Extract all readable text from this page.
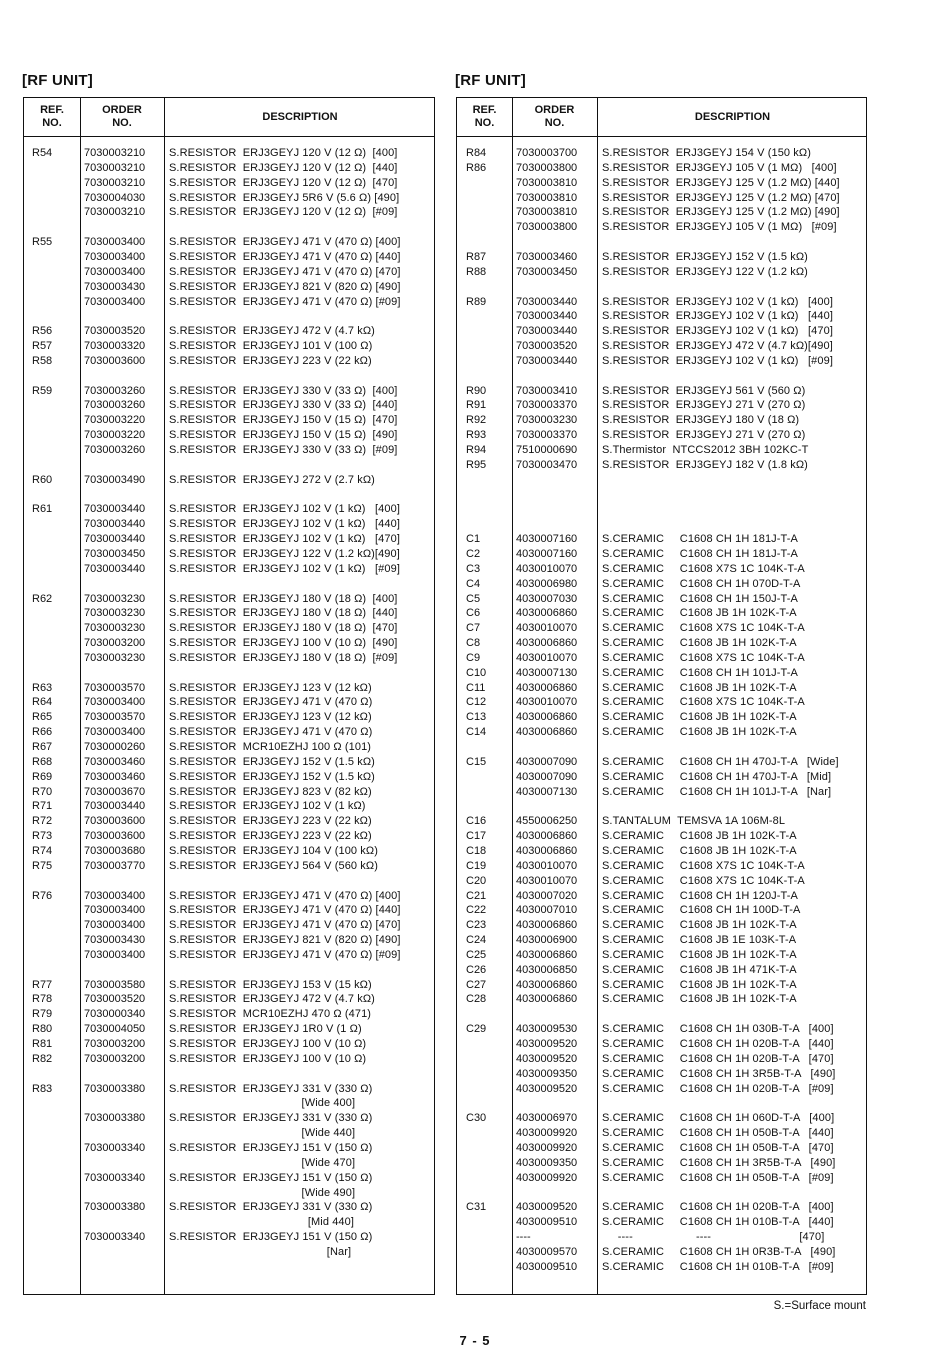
[RF UNIT]	[RF UNIT]
REF.
NO.
ORDER
NO.
DESCRIPTION
R54	7030003210 S.RESISTOR  ERJ3GEYJ 120 V (12 Ω)  [400]
7030003210 S.RESISTOR  ERJ3GEYJ 120 V (12 Ω)  [440]
7030003210 S.RESISTOR  ERJ3GEYJ 120 V (12 Ω)  [470]
7030004030 S.RESISTOR  ERJ3GEYJ 5R6 V (5.6 Ω) [490]
7030003210 S.RESISTOR  ERJ3GEYJ 120 V (12 Ω)  [#09]
R55	7030003400 S.RESISTOR  ERJ3GEYJ 471 V (470 Ω) [400]
7030003400 S.RESISTOR  ERJ3GEYJ 471 V (470 Ω) [440]
7030003400 S.RESISTOR  ERJ3GEYJ 471 V (470 Ω) [470]
7030003430 S.RESISTOR  ERJ3GEYJ 821 V (820 Ω) [490]
7030003400 S.RESISTOR  ERJ3GEYJ 471 V (470 Ω) [#09]
R56	7030003520 S.RESISTOR  ERJ3GEYJ 472 V (4.7 kΩ)
R57	7030003320 S.RESISTOR  ERJ3GEYJ 101 V (100 Ω)
R58	7030003600 S.RESISTOR  ERJ3GEYJ 223 V (22 kΩ)
R59	7030003260 S.RESISTOR  ERJ3GEYJ 330 V (33 Ω)  [400]
7030003260 S.RESISTOR  ERJ3GEYJ 330 V (33 Ω)  [440]
7030003220 S.RESISTOR  ERJ3GEYJ 150 V (15 Ω)  [470]
7030003220 S.RESISTOR  ERJ3GEYJ 150 V (15 Ω)  [490]
7030003260 S.RESISTOR  ERJ3GEYJ 330 V (33 Ω)  [#09]
R60	7030003490 S.RESISTOR  ERJ3GEYJ 272 V (2.7 kΩ)
R61	7030003440 S.RESISTOR  ERJ3GEYJ 102 V (1 kΩ)   [400]
7030003440 S.RESISTOR  ERJ3GEYJ 102 V (1 kΩ)   [440]
7030003440 S.RESISTOR  ERJ3GEYJ 102 V (1 kΩ)   [470]
7030003450 S.RESISTOR  ERJ3GEYJ 122 V (1.2 kΩ)[490]
7030003440 S.RESISTOR  ERJ3GEYJ 102 V (1 kΩ)   [#09]
R62	7030003230 S.RESISTOR  ERJ3GEYJ 180 V (18 Ω)  [400]
7030003230 S.RESISTOR  ERJ3GEYJ 180 V (18 Ω)  [440]
7030003230 S.RESISTOR  ERJ3GEYJ 180 V (18 Ω)  [470]
7030003200 S.RESISTOR  ERJ3GEYJ 100 V (10 Ω)  [490]
7030003230 S.RESISTOR  ERJ3GEYJ 180 V (18 Ω)  [#09]
R63	7030003570 S.RESISTOR  ERJ3GEYJ 123 V (12 kΩ)
R64	7030003400 S.RESISTOR  ERJ3GEYJ 471 V (470 Ω)
R65	7030003570 S.RESISTOR  ERJ3GEYJ 123 V (12 kΩ)
R66	7030003400 S.RESISTOR  ERJ3GEYJ 471 V (470 Ω)
R67	7030000260 S.RESISTOR  MCR10EZHJ 100 Ω (101)
R68	7030003460 S.RESISTOR  ERJ3GEYJ 152 V (1.5 kΩ)
R69	7030003460 S.RESISTOR  ERJ3GEYJ 152 V (1.5 kΩ)
R70	7030003670 S.RESISTOR  ERJ3GEYJ 823 V (82 kΩ)
R71	7030003440 S.RESISTOR  ERJ3GEYJ 102 V (1 kΩ)
R72	7030003600 S.RESISTOR  ERJ3GEYJ 223 V (22 kΩ)
R73	7030003600 S.RESISTOR  ERJ3GEYJ 223 V (22 kΩ)
R74	7030003680 S.RESISTOR  ERJ3GEYJ 104 V (100 kΩ)
R75	7030003770 S.RESISTOR  ERJ3GEYJ 564 V (560 kΩ)
R76	7030003400 S.RESISTOR  ERJ3GEYJ 471 V (470 Ω) [400]
7030003400 S.RESISTOR  ERJ3GEYJ 471 V (470 Ω) [440]
7030003400 S.RESISTOR  ERJ3GEYJ 471 V (470 Ω) [470]
7030003430 S.RESISTOR  ERJ3GEYJ 821 V (820 Ω) [490]
7030003400 S.RESISTOR  ERJ3GEYJ 471 V (470 Ω) [#09]
R77	7030003580 S.RESISTOR  ERJ3GEYJ 153 V (15 kΩ)
R78	7030003520 S.RESISTOR  ERJ3GEYJ 472 V (4.7 kΩ)
R79	7030000340 S.RESISTOR  MCR10EZHJ 470 Ω (471)
R80	7030004050 S.RESISTOR  ERJ3GEYJ 1R0 V (1 Ω)
R81	7030003200 S.RESISTOR  ERJ3GEYJ 100 V (10 Ω)
R82	7030003200 S.RESISTOR  ERJ3GEYJ 100 V (10 Ω)
R83	7030003380 S.RESISTOR  ERJ3GEYJ 331 V (330 Ω)
[Wide 400]
7030003380 S.RESISTOR  ERJ3GEYJ 331 V (330 Ω)
[Wide 440]
7030003340 S.RESISTOR  ERJ3GEYJ 151 V (150 Ω)
[Wide 470]
7030003340 S.RESISTOR  ERJ3GEYJ 151 V (150 Ω)
[Wide 490]
7030003380 S.RESISTOR  ERJ3GEYJ 331 V (330 Ω)
[Mid 440]
7030003340 S.RESISTOR  ERJ3GEYJ 151 V (150 Ω)
[Nar]
REF.
NO.
ORDER
NO.
DESCRIPTION
R84	7030003700 S.RESISTOR  ERJ3GEYJ 154 V (150 kΩ)
R86	7030003800 S.RESISTOR  ERJ3GEYJ 105 V (1 MΩ)   [400]
7030003810 S.RESISTOR  ERJ3GEYJ 125 V (1.2 MΩ) [440]
7030003810 S.RESISTOR  ERJ3GEYJ 125 V (1.2 MΩ) [470]
7030003810 S.RESISTOR  ERJ3GEYJ 125 V (1.2 MΩ) [490]
7030003800 S.RESISTOR  ERJ3GEYJ 105 V (1 MΩ)   [#09]
R87	7030003460 S.RESISTOR  ERJ3GEYJ 152 V (1.5 kΩ)
R88	7030003450 S.RESISTOR  ERJ3GEYJ 122 V (1.2 kΩ)
R89	7030003440 S.RESISTOR  ERJ3GEYJ 102 V (1 kΩ)   [400]
7030003440 S.RESISTOR  ERJ3GEYJ 102 V (1 kΩ)   [440]
7030003440 S.RESISTOR  ERJ3GEYJ 102 V (1 kΩ)   [470]
7030003520 S.RESISTOR  ERJ3GEYJ 472 V (4.7 kΩ)[490]
7030003440 S.RESISTOR  ERJ3GEYJ 102 V (1 kΩ)   [#09]
R90	7030003410 S.RESISTOR  ERJ3GEYJ 561 V (560 Ω)
R91	7030003370 S.RESISTOR  ERJ3GEYJ 271 V (270 Ω)
R92	7030003230 S.RESISTOR  ERJ3GEYJ 180 V (18 Ω)
R93	7030003370 S.RESISTOR  ERJ3GEYJ 271 V (270 Ω)
R94	7510000690 S.Thermistor  NTCCS2012 3BH 102KC-T
R95	7030003470 S.RESISTOR  ERJ3GEYJ 182 V (1.8 kΩ)
C1	4030007160 S.CERAMIC     C1608 CH 1H 181J-T-A
C2	4030007160 S.CERAMIC     C1608 CH 1H 181J-T-A
C3	4030010070 S.CERAMIC     C1608 X7S 1C 104K-T-A
C4	4030006980 S.CERAMIC     C1608 CH 1H 070D-T-A
C5	4030007030 S.CERAMIC     C1608 CH 1H 150J-T-A
C6	4030006860 S.CERAMIC     C1608 JB 1H 102K-T-A
C7	4030010070 S.CERAMIC     C1608 X7S 1C 104K-T-A
C8	4030006860 S.CERAMIC     C1608 JB 1H 102K-T-A
C9	4030010070 S.CERAMIC     C1608 X7S 1C 104K-T-A
C10	4030007130 S.CERAMIC     C1608 CH 1H 101J-T-A
C11	4030006860 S.CERAMIC     C1608 JB 1H 102K-T-A
C12	4030010070 S.CERAMIC     C1608 X7S 1C 104K-T-A
C13	4030006860 S.CERAMIC     C1608 JB 1H 102K-T-A
C14	4030006860 S.CERAMIC     C1608 JB 1H 102K-T-A
C15	4030007090 S.CERAMIC     C1608 CH 1H 470J-T-A   [Wide]
4030007090 S.CERAMIC     C1608 CH 1H 470J-T-A   [Mid]
4030007130 S.CERAMIC     C1608 CH 1H 101J-T-A   [Nar]
C16	4550006250 S.TANTALUM  TEMSVA 1A 106M-8L
C17	4030006860 S.CERAMIC     C1608 JB 1H 102K-T-A
C18	4030006860 S.CERAMIC     C1608 JB 1H 102K-T-A
C19	4030010070 S.CERAMIC     C1608 X7S 1C 104K-T-A
C20	4030010070 S.CERAMIC     C1608 X7S 1C 104K-T-A
C21	4030007020 S.CERAMIC     C1608 CH 1H 120J-T-A
C22	4030007010 S.CERAMIC     C1608 CH 1H 100D-T-A
C23	4030006860 S.CERAMIC     C1608 JB 1H 102K-T-A
C24	4030006900 S.CERAMIC     C1608 JB 1E 103K-T-A
C25	4030006860 S.CERAMIC     C1608 JB 1H 102K-T-A
C26	4030006850 S.CERAMIC     C1608 JB 1H 471K-T-A
C27	4030006860 S.CERAMIC     C1608 JB 1H 102K-T-A
C28	4030006860 S.CERAMIC     C1608 JB 1H 102K-T-A
C29	4030009530 S.CERAMIC     C1608 CH 1H 030B-T-A   [400]
4030009520 S.CERAMIC     C1608 CH 1H 020B-T-A   [440]
4030009520 S.CERAMIC     C1608 CH 1H 020B-T-A   [470]
4030009350 S.CERAMIC     C1608 CH 1H 3R5B-T-A   [490]
4030009520 S.CERAMIC     C1608 CH 1H 020B-T-A   [#09]
C30	4030006970 S.CERAMIC     C1608 CH 1H 060D-T-A   [400]
4030009920 S.CERAMIC     C1608 CH 1H 050B-T-A   [440]
4030009920 S.CERAMIC     C1608 CH 1H 050B-T-A   [470]
4030009350 S.CERAMIC     C1608 CH 1H 3R5B-T-A   [490]
4030009920 S.CERAMIC     C1608 CH 1H 050B-T-A   [#09]
C31	4030009520 S.CERAMIC     C1608 CH 1H 020B-T-A   [400]
4030009510 S.CERAMIC     C1608 CH 1H 010B-T-A   [440]
----	----                    ----                            [470]
4030009570 S.CERAMIC     C1608 CH 1H 0R3B-T-A   [490]
4030009510 S.CERAMIC     C1608 CH 1H 010B-T-A   [#09]
S.=Surface mount
7 - 5
